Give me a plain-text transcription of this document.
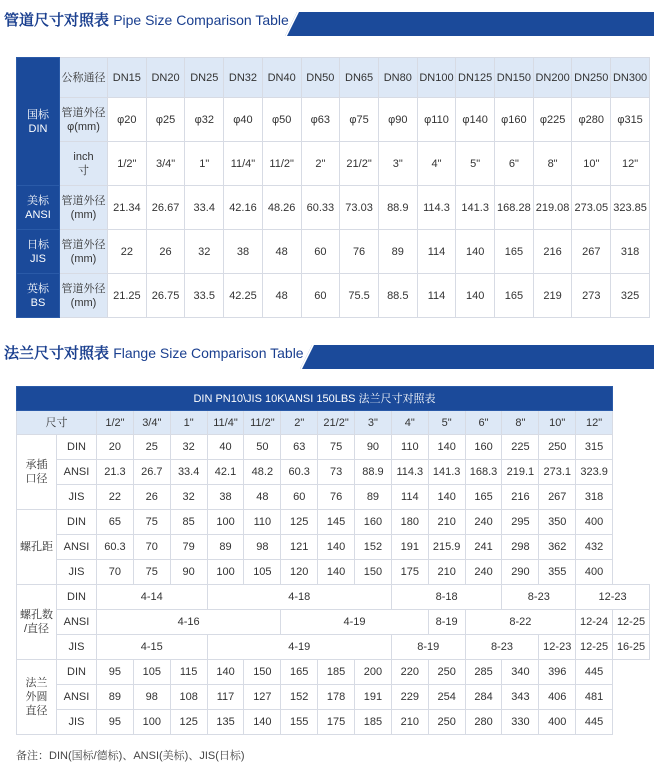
管道尺寸对照表 Pipe Size Comparison Table
国标
DIN	公称通径	DN15	DN20	DN25	DN32	DN40	DN50	DN65	DN80	DN100	DN125	DN150	DN200	DN250	DN300
	管道外径
φ(mm)	φ20	φ25	φ32	φ40	φ50	φ63	φ75	φ90	φ110	φ140	φ160	φ225	φ280	φ315
	inch
寸	1/2"	3/4"	1"	11/4"	11/2"	2"	21/2"	3"	4"	5"	6"	8"	10"	12"
美标
ANSI	管道外径
(mm)	21.34	26.67	33.4	42.16	48.26	60.33	73.03	88.9	114.3	141.3	168.28	219.08	273.05	323.85
日标
JIS	管道外径
(mm)	22	26	32	38	48	60	76	89	114	140	165	216	267	318
英标
BS	管道外径
(mm)	21.25	26.75	33.5	42.25	48	60	75.5	88.5	114	140	165	219	273	325
法兰尺寸对照表 Flange Size Comparison Table
DIN PN10\JIS 10K\ANSI 150LBS 法兰尺寸对照表																
尺寸		1/2"	3/4"	1"	11/4"	11/2"	2"	21/2"	3"	4"	5"	6"	8"	10"	12"	
承插
口径	DIN	20	25	32	40	50	63	75	90	110	140	160	225	250	315	
	ANSI	21.3	26.7	33.4	42.1	48.2	60.3	73	88.9	114.3	141.3	168.3	219.1	273.1	323.9	
	JIS	22	26	32	38	48	60	76	89	114	140	165	216	267	318	
螺孔距	DIN	65	75	85	100	110	125	145	160	180	210	240	295	350	400	
	ANSI	60.3	70	79	89	98	121	140	152	191	215.9	241	298	362	432	
	JIS	70	75	90	100	105	120	140	150	175	210	240	290	355	400	
螺孔数
/直径	DIN	4-14			4-18					8-18			8-23		12-23	
	ANSI	4-16					4-19				8-19	8-22			12-24	12-25
	JIS	4-15			4-19					8-19		8-23		12-23	12-25	16-25
法兰
外圆
直径	DIN	95	105	115	140	150	165	185	200	220	250	285	340	396	445	
	ANSI	89	98	108	117	127	152	178	191	229	254	284	343	406	481	
	JIS	95	100	125	135	140	155	175	185	210	250	280	330	400	445	
备注：DIN(国标/德标)、ANSI(美标)、JIS(日标)
